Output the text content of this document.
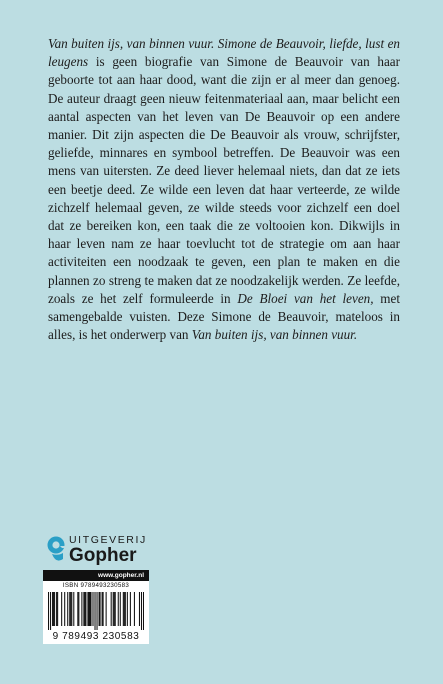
Van buiten ijs, van binnen vuur. Simone de Beauvoir, liefde, lust en leugens is geen biografie van Simone de Beauvoir van haar geboorte tot aan haar dood, want die zijn er al meer dan genoeg. De auteur draagt geen nieuw feitenmateriaal aan, maar belicht een aantal aspecten van het leven van De Beauvoir op een andere manier. Dit zijn aspecten die De Beauvoir als vrouw, schrijfster, geliefde, minnares en symbool betreffen. De Beauvoir was een mens van uitersten. Ze deed liever helemaal niets, dan dat ze iets een beetje deed. Ze wilde een leven dat haar verteerde, ze wilde zichzelf helemaal geven, ze wilde steeds voor zichzelf een doel dat ze bereiken kon, een taak die ze voltooien kon. Dikwijls in haar leven nam ze haar toevlucht tot de strategie om aan haar activiteiten een noodzaak te geven, een plan te maken en die plannen zo streng te maken dat ze noodzakelijk werden. Ze leefde, zoals ze het zelf formuleerde in De Bloei van het leven, met samengebalde vuisten. Deze Simone de Beauvoir, mateloos in alles, is het onderwerp van Van buiten ijs, van binnen vuur.

UITGEVERIJ
Gopher
www.gopher.nl
ISBN 9789493230583
9 789493 230583
